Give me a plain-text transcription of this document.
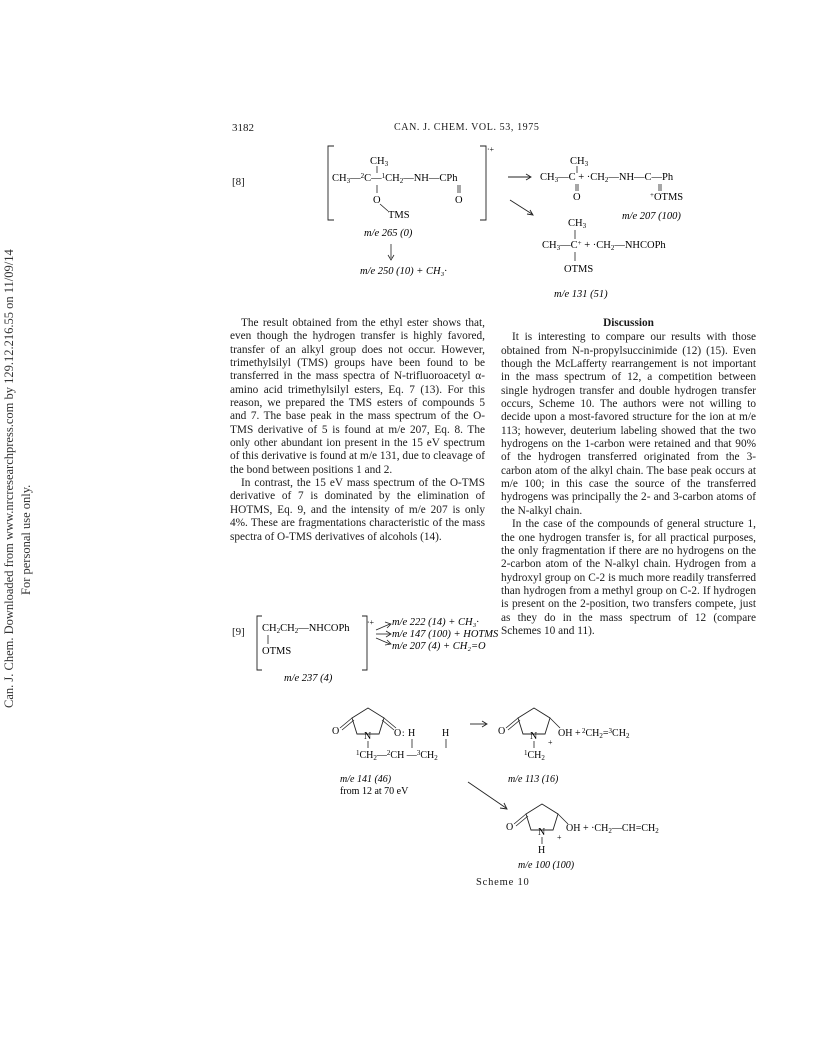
Can. J. Chem. Downloaded from www.nrcresearchpress.com by 129.12.216.55 on 11/09/14 For personal use only.
3182	CAN. J. CHEM. VOL. 53, 1975
[8]
‧+
CH3
CH3—$^2$C—$^1$CH2—NH—CPh
O	O
TMS
m/e 265 (0)
m/e 250 (10) + CH₃·
CH3
CH3—C + ·CH2—NH—C—Ph
O	+OTMS
m/e 207 (100)
CH3
CH3—C+ + ·CH2—NHCOPh
OTMS
m/e 131 (51)

The result obtained from the ethyl ester shows that, even though the hydrogen transfer is highly favored, transfer of an alkyl group does not occur. However, trimethylsilyl (TMS) groups have been found to be transferred in the mass spectra of N-trifluoroacetyl α-amino acid trimethylsilyl esters, Eq. 7 (13). For this reason, we prepared the TMS esters of compounds 5 and 7. The base peak in the mass spectrum of the O-TMS derivative of 5 is found at m/e 207, Eq. 8. The only other abundant ion present in the 15 eV spectrum of this derivative is found at m/e 131, due to cleavage of the bond between positions 1 and 2.

In contrast, the 15 eV mass spectrum of the O-TMS derivative of 7 is dominated by the elimination of HOTMS, Eq. 9, and the intensity of m/e 207 is only 4%. These are fragmentations characteristic of the mass spectra of O-TMS derivatives of alcohols (14).

Discussion

It is interesting to compare our results with those obtained from N-n-propylsuccinimide (12) (15). Even though the McLafferty rearrangement is not important in the mass spectrum of 12, a competition between single hydrogen transfer and double hydrogen transfer occurs, Scheme 10. The authors were not willing to decide upon a most-favored structure for the ion at m/e 113; however, deuterium labeling showed that the two hydrogens on the 1-carbon were retained and that 90% of the hydrogen transferred originated from the 3-carbon atom of the alkyl chain. The base peak occurs at m/e 100; in this case the source of the transferred hydrogens was principally the 2- and 3-carbon atoms of the N-alkyl chain.

In the case of the compounds of general structure 1, the one hydrogen transfer is, for all practical purposes, the only fragmentation if there are no hydrogens on the 2-carbon atom of the N-alkyl chain. Hydrogen from a hydroxyl group on C-2 is much more readily transferred than hydrogen from a methyl group on C-2. If hydrogen is present on the 2-position, two transfers compete, just as they do in the mass spectrum of 12 (compare Schemes 10 and 11).

[9]
‧+
CH2CH2—NHCOPh
OTMS
m/e 222 (14) + CH₃·
m/e 147 (100) + HOTMS
m/e 207 (4) + CH₂=O
m/e 237 (4)
O N O : H	H
$^1CH_2—^2CH$ $—^3CH_2$
m/e 141 (46)
from 12 at 70 eV
O N OH + $^2CH_2=^3CH_2$
+
$^1CH_2$
m/e 113 (16)
O N OH + $\cdot CH_2—CH=CH_2$
+
H
m/e 100 (100)
Scheme 10
